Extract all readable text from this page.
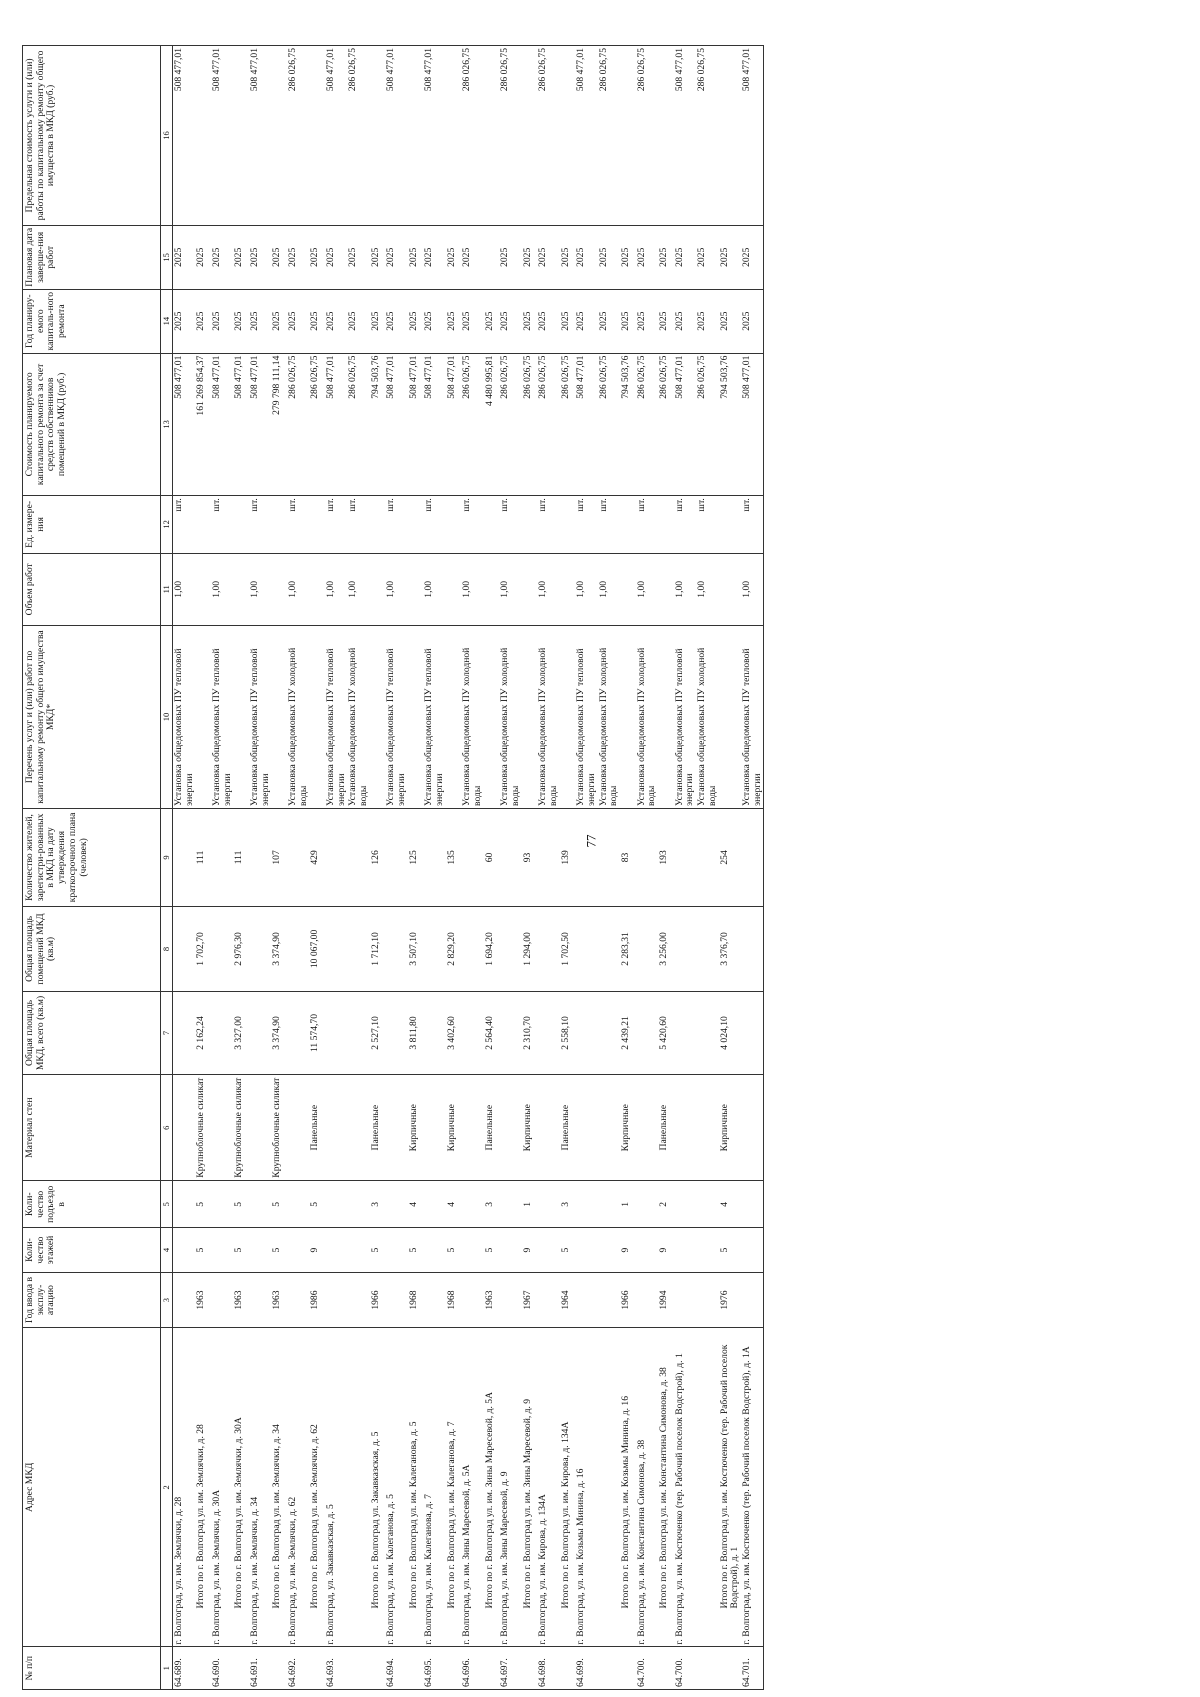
77
№ п/п	Адрес МКД	Год ввода в эксплу-атацию	Коли-чество этажей	Коли-чество подъездо в	Материал стен	Общая площадь МКД, всего (кв.м)	Общая площадь помещений МКД (кв.м)	Количество жителей, зарегистри-рованных в МКД на дату утверждения краткосрочного плана (человек)	Перечень услуг и (или) работ по капитальному ремонту общего имущества МКД*	Объем работ	Ед. измере-ния	Стоимость планируемого капитального ремонта за счет средств собственников помещений в МКД (руб.)	Год планиру-емого капиталь-ного ремонта	Плановая дата заверше-ния работ	Предельная стоимость услуги и (или) работы по капитальному ремонту общего имущества в МКД (руб.)
1	2	3	4	5	6	7	8	9	10	11	12	13	14	15	16
64.689.	г. Волгоград, ул. им. Землячки, д. 28								Установка общедомовых ПУ тепловой энергии	1,00	шт.	508 477,01	2025	2025	508 477,01
	Итого по г. Волгоград ул. им. Землячки, д. 28	1963	5	5	Крупноблочные силикат	2 162,24	1 702,70	111				161 269 854,37	2025	2025	
64.690.	г. Волгоград, ул. им. Землячки, д. 30А								Установка общедомовых ПУ тепловой энергии	1,00	шт.	508 477,01	2025	2025	508 477,01
	Итого по г. Волгоград ул. им. Землячки, д. 30А	1963	5	5	Крупноблочные силикат	3 327,00	2 976,30	111				508 477,01	2025	2025	
64.691.	г. Волгоград, ул. им. Землячки, д. 34								Установка общедомовых ПУ тепловой энергии	1,00	шт.	508 477,01	2025	2025	508 477,01
	Итого по г. Волгоград ул. им. Землячки, д. 34	1963	5	5	Крупноблочные силикат	3 374,90	3 374,90	107				279 798 111,14	2025	2025	
64.692.	г. Волгоград, ул. им. Землячки, д. 62								Установка общедомовых ПУ холодной воды	1,00	шт.	286 026,75	2025	2025	286 026,75
	Итого по г. Волгоград ул. им. Землячки, д. 62	1986	9	5	Панельные	11 574,70	10 067,00	429				286 026,75	2025	2025	
64.693.	г. Волгоград, ул. Закавказская, д. 5								Установка общедомовых ПУ тепловой энергии	1,00	шт.	508 477,01	2025	2025	508 477,01
									Установка общедомовых ПУ холодной воды	1,00	шт.	286 026,75	2025	2025	286 026,75
	Итого по г. Волгоград ул. Закавказская, д. 5	1966	5	3	Панельные	2 527,10	1 712,10	126				794 503,76	2025	2025	
64.694.	г. Волгоград, ул. им. Калеганова, д. 5								Установка общедомовых ПУ тепловой энергии	1,00	шт.	508 477,01	2025	2025	508 477,01
	Итого по г. Волгоград ул. им. Калеганова, д. 5	1968	5	4	Кирпичные	3 811,80	3 507,10	125				508 477,01	2025	2025	
64.695.	г. Волгоград, ул. им. Калеганова, д. 7								Установка общедомовых ПУ тепловой энергии	1,00	шт.	508 477,01	2025	2025	508 477,01
	Итого по г. Волгоград ул. им. Калеганова, д. 7	1968	5	4	Кирпичные	3 402,60	2 829,20	135				508 477,01	2025	2025	
64.696.	г. Волгоград, ул. им. Зины Маресевой, д. 5А								Установка общедомовых ПУ холодной воды	1,00	шт.	286 026,75	2025	2025	286 026,75
	Итого по г. Волгоград ул. им. Зины Маресевой, д. 5А	1963	5	3	Панельные	2 564,40	1 694,20	60				4 480 995,81	2025		
64.697.	г. Волгоград, ул. им. Зины Маресевой, д. 9								Установка общедомовых ПУ холодной воды	1,00	шт.	286 026,75	2025	2025	286 026,75
	Итого по г. Волгоград ул. им. Зины Маресевой, д. 9	1967	9	1	Кирпичные	2 310,70	1 294,00	93				286 026,75	2025	2025	
64.698.	г. Волгоград, ул. им. Кирова, д. 134А								Установка общедомовых ПУ холодной воды	1,00	шт.	286 026,75	2025	2025	286 026,75
	Итого по г. Волгоград ул. им. Кирова, д. 134А	1964	5	3	Панельные	2 558,10	1 702,50	139				286 026,75	2025	2025	
64.699.	г. Волгоград, ул. им. Козьмы Минина, д. 16								Установка общедомовых ПУ тепловой энергии	1,00	шт.	508 477,01	2025	2025	508 477,01
									Установка общедомовых ПУ холодной воды	1,00	шт.	286 026,75	2025	2025	286 026,75
	Итого по г. Волгоград ул. им. Козьмы Минина, д. 16	1966	9	1	Кирпичные	2 439,21	2 283,31	83				794 503,76	2025	2025	
64.700.	г. Волгоград, ул. им. Константина Симонова, д. 38								Установка общедомовых ПУ холодной воды	1,00	шт.	286 026,75	2025	2025	286 026,75
	Итого по г. Волгоград ул. им. Константина Симонова, д. 38	1994	9	2	Панельные	5 420,60	3 256,00	193				286 026,75	2025	2025	
64.700.	г. Волгоград, ул. им. Костюченко (тер. Рабочий поселок Водстрой), д. 1								Установка общедомовых ПУ тепловой энергии	1,00	шт.	508 477,01	2025	2025	508 477,01
									Установка общедомовых ПУ холодной воды	1,00	шт.	286 026,75	2025	2025	286 026,75
	Итого по г. Волгоград ул. им. Костюченко (тер. Рабочий поселок Водстрой), д. 1	1976	5	4	Кирпичные	4 024,10	3 376,70	254				794 503,76	2025	2025	
64.701.	г. Волгоград, ул. им. Костюченко (тер. Рабочий поселок Водстрой), д. 1А								Установка общедомовых ПУ тепловой энергии	1,00	шт.	508 477,01	2025	2025	508 477,01
